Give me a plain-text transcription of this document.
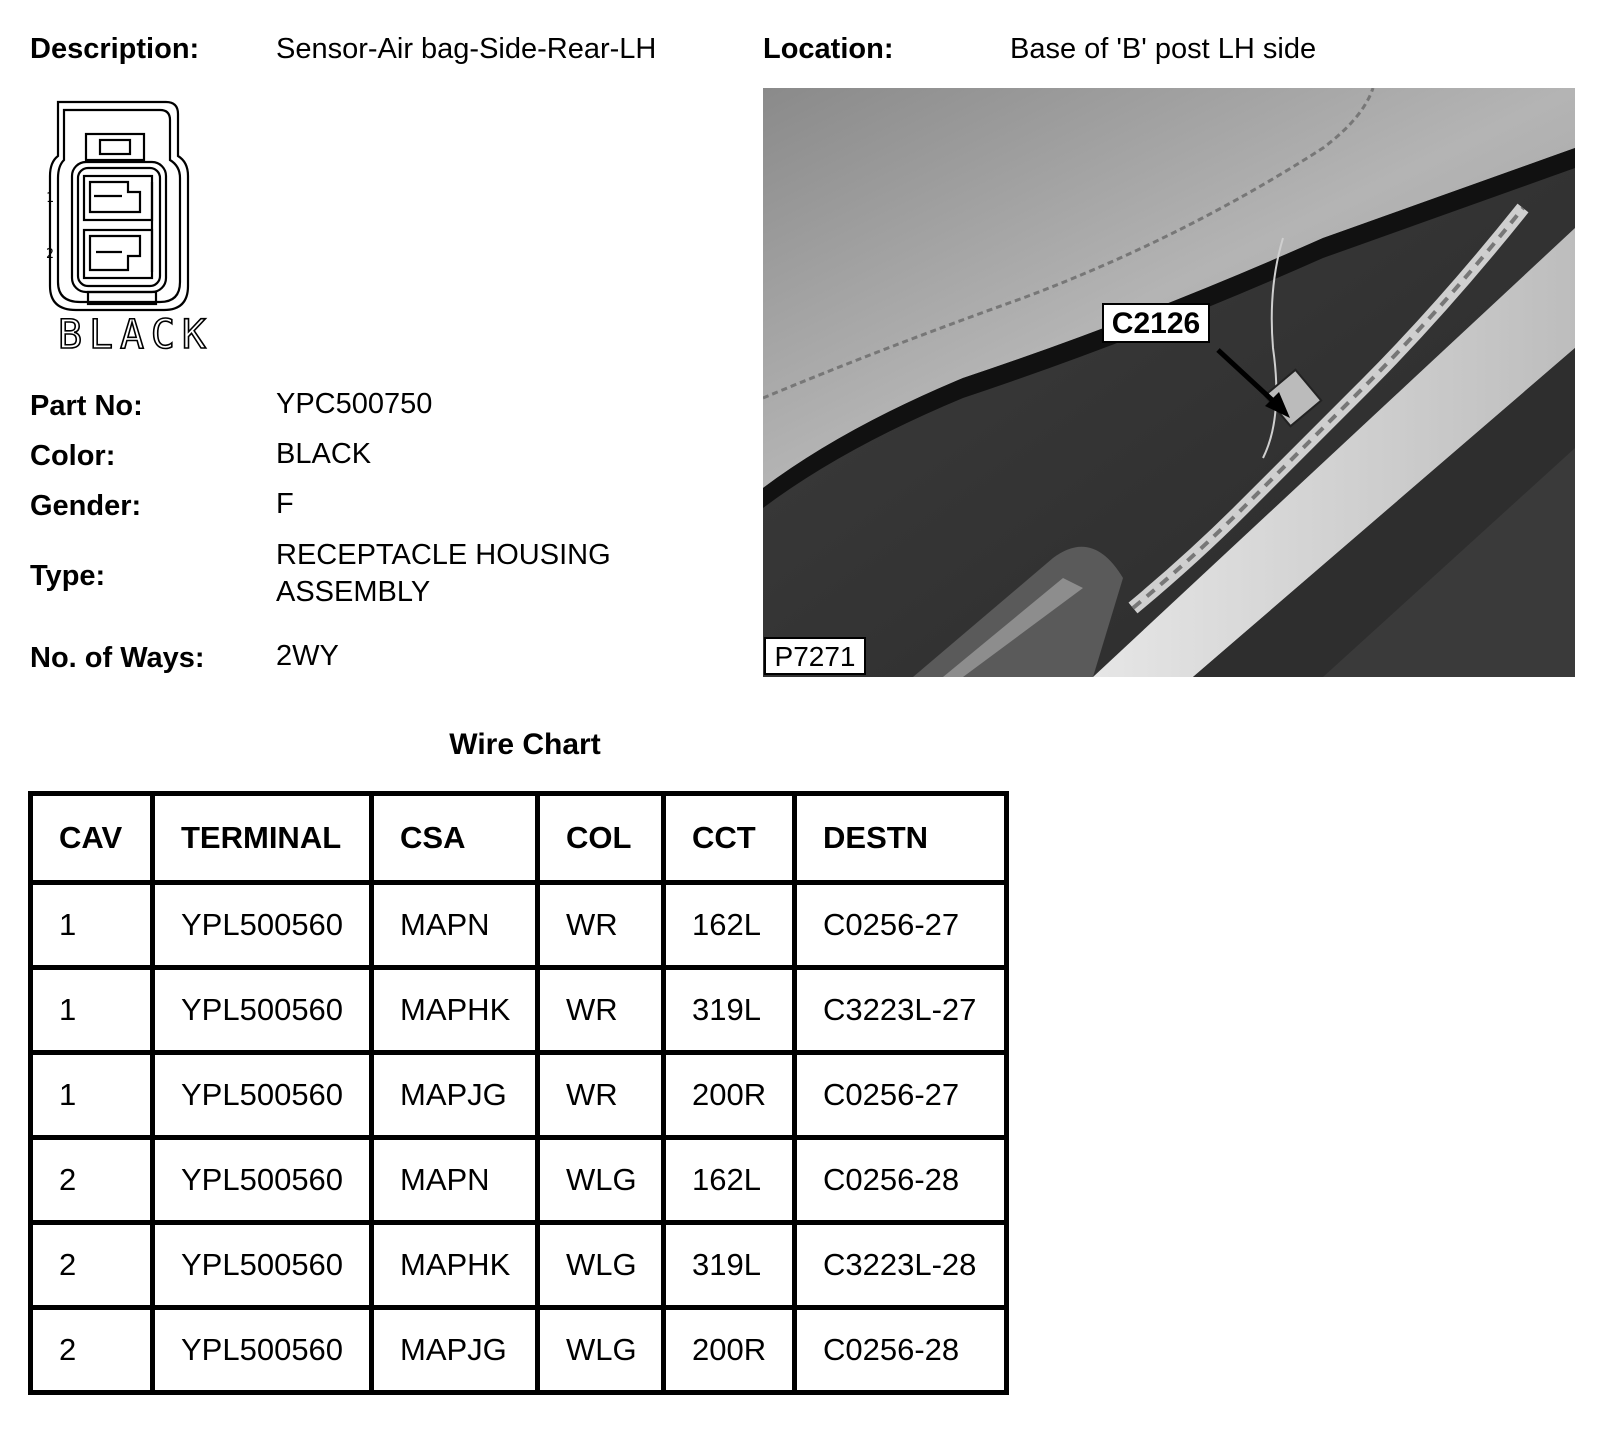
Description:	Sensor-Air bag-Side-Rear-LH	Location:	Base of 'B' post LH side
1
2
BLACK
Part No:	YPC500750
Color:	BLACK
Gender:	F
Type:
RECEPTACLE HOUSING
ASSEMBLY
No. of Ways: 2WY
C2126
P7271
Wire Chart
CAV	TERMINAL	CSA	COL	CCT	DESTN
1	YPL500560	MAPN	WR	162L	C0256-27
1	YPL500560	MAPHK	WR	319L	C3223L-27
1	YPL500560	MAPJG	WR	200R	C0256-27
2	YPL500560	MAPN	WLG	162L	C0256-28
2	YPL500560	MAPHK	WLG	319L	C3223L-28
2	YPL500560	MAPJG	WLG	200R	C0256-28
